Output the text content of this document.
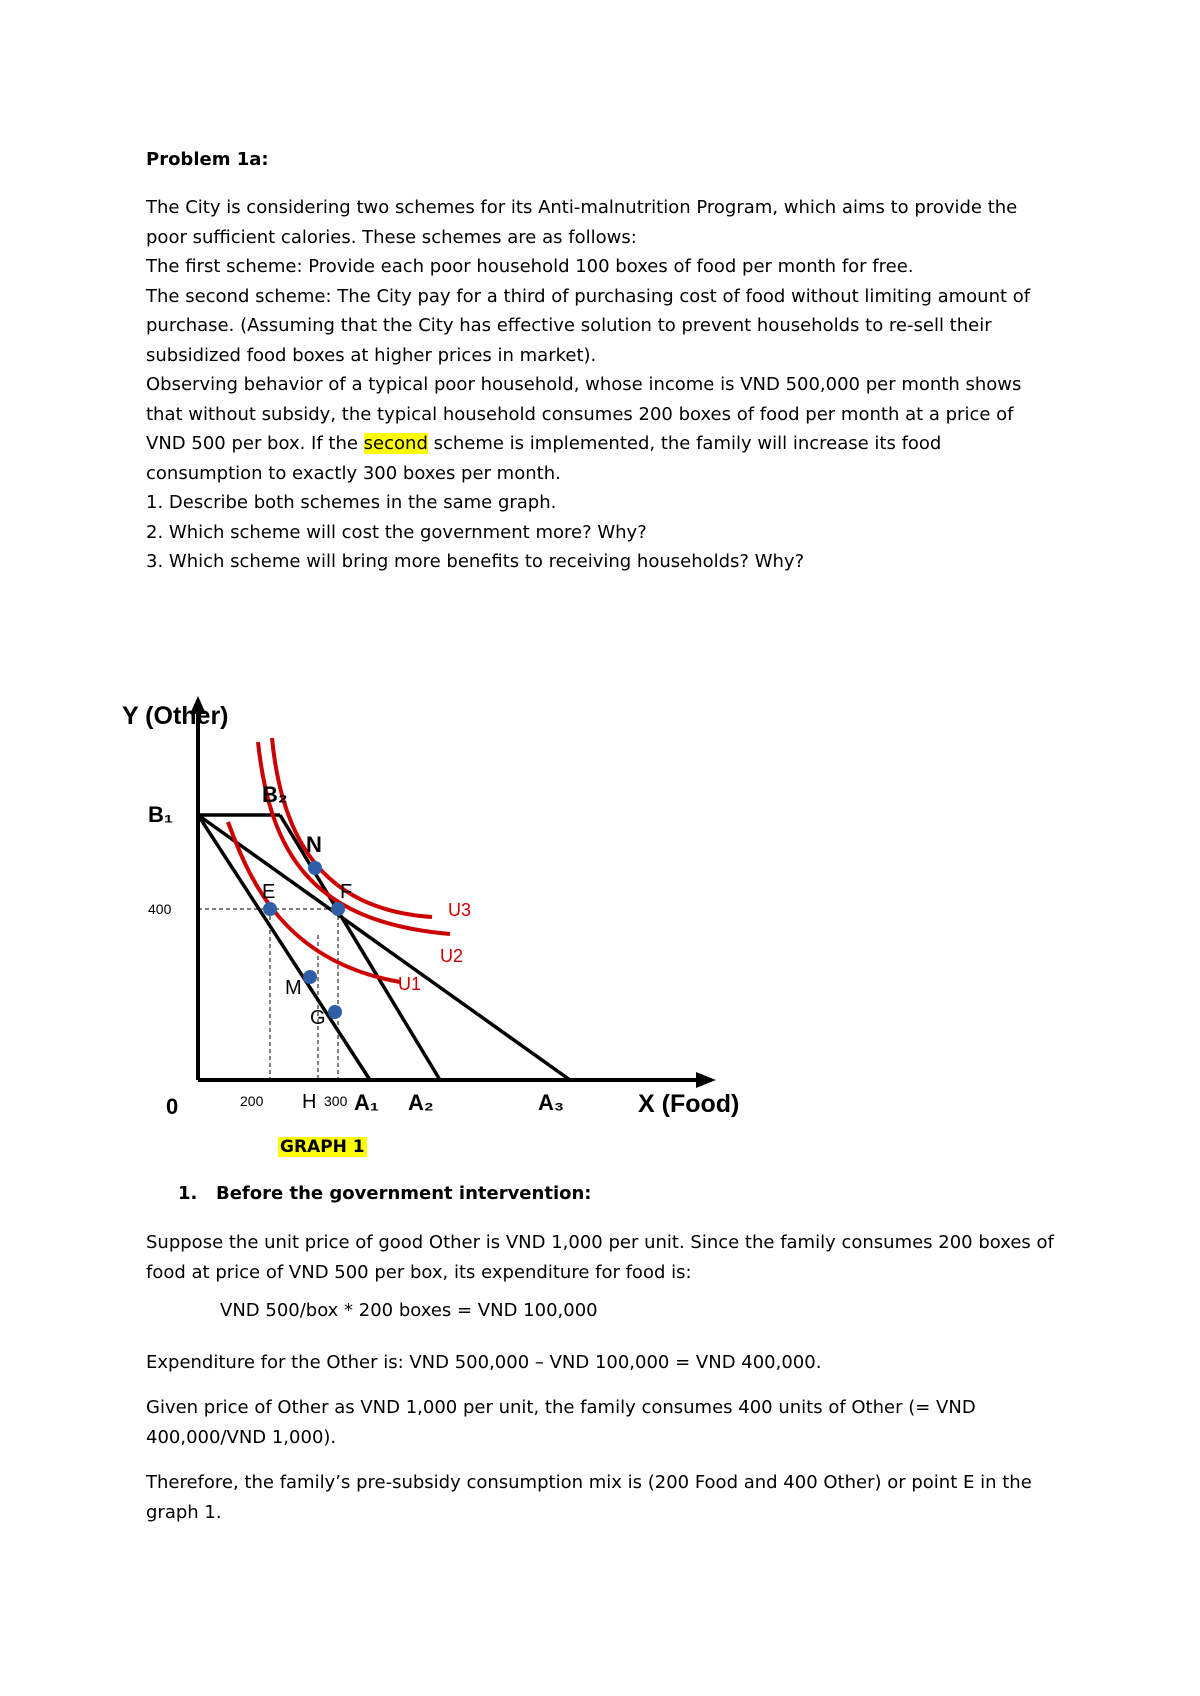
Problem 1a:
The City is considering two schemes for its Anti-malnutrition Program, which aims to provide the
poor sufficient calories. These schemes are as follows:
The first scheme: Provide each poor household 100 boxes of food per month for free.
The second scheme: The City pay for a third of purchasing cost of food without limiting amount of
purchase. (Assuming that the City has effective solution to prevent households to re-sell their
subsidized food boxes at higher prices in market).
Observing behavior of a typical poor household, whose income is VND 500,000 per month shows
that without subsidy, the typical household consumes 200 boxes of food per month at a price of
VND 500 per box. If the second scheme is implemented, the family will increase its food
consumption to exactly 300 boxes per month.
1. Describe both schemes in the same graph.
2. Which scheme will cost the government more? Why?
3. Which scheme will bring more benefits to receiving households? Why?
Y (Other)
X (Food)
0
400
200 H 300 A₁ A₂	A₃
B₁
B₂
N
E	F
M
G
U1
U2
U3
GRAPH 1
1. Before the government intervention:
Suppose the unit price of good Other is VND 1,000 per unit. Since the family consumes 200 boxes of
food at price of VND 500 per box, its expenditure for food is:
VND 500/box * 200 boxes = VND 100,000
Expenditure for the Other is: VND 500,000 – VND 100,000 = VND 400,000.
Given price of Other as VND 1,000 per unit, the family consumes 400 units of Other (= VND
400,000/VND 1,000).
Therefore, the family’s pre-subsidy consumption mix is (200 Food and 400 Other) or point E in the
graph 1.
